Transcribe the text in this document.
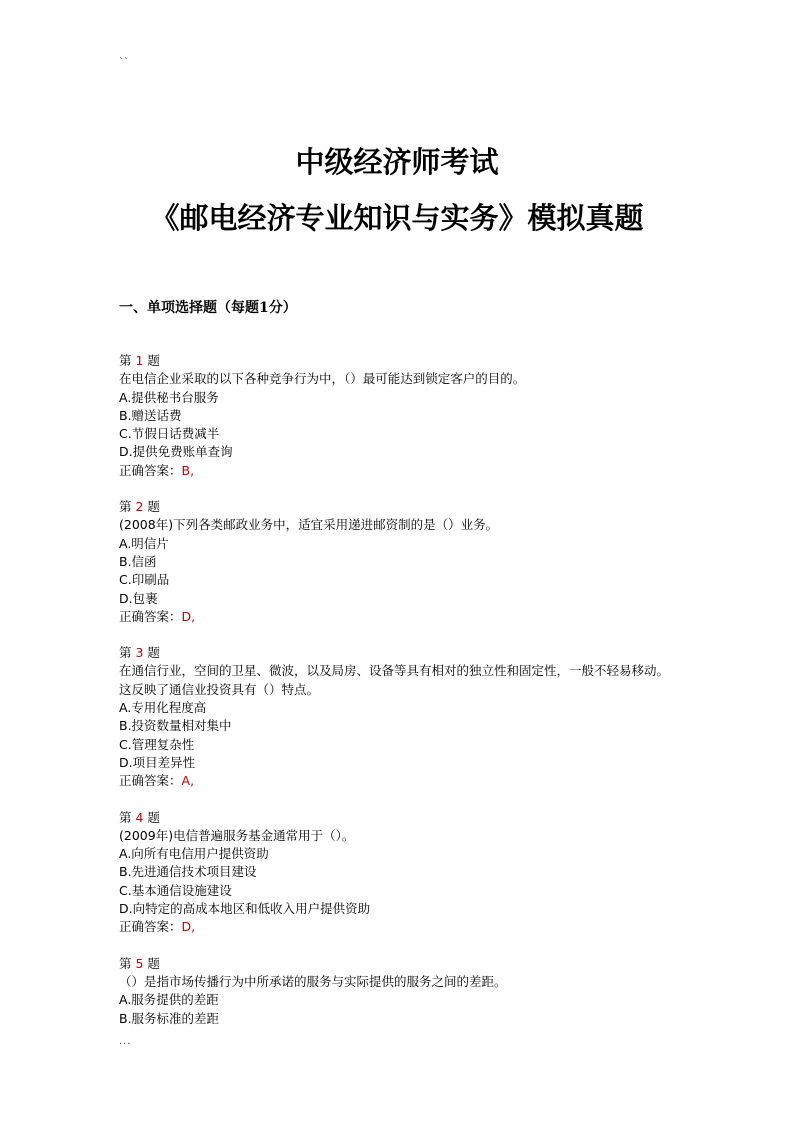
``
中级经济师考试
《邮电经济专业知识与实务》模拟真题
一、单项选择题（每题1分）
第 1 题
在电信企业采取的以下各种竞争行为中，（）最可能达到锁定客户的目的。
A.提供秘书台服务
B.赠送话费
C.节假日话费减半
D.提供免费账单查询
正确答案：B,
第 2 题
(2008年)下列各类邮政业务中，适宜采用递进邮资制的是（）业务。
A.明信片
B.信函
C.印刷品
D.包裹
正确答案：D,
第 3 题
在通信行业，空间的卫星、微波，以及局房、设备等具有相对的独立性和固定性，一般不轻易移动。这反映了通信业投资具有（）特点。
A.专用化程度高
B.投资数量相对集中
C.管理复杂性
D.项目差异性
正确答案：A,
第 4 题
(2009年)电信普遍服务基金通常用于（）。
A.向所有电信用户提供资助
B.先进通信技术项目建设
C.基本通信设施建设
D.向特定的高成本地区和低收入用户提供资助
正确答案：D,
第 5 题
（）是指市场传播行为中所承诺的服务与实际提供的服务之间的差距。
A.服务提供的差距
B.服务标准的差距
...
